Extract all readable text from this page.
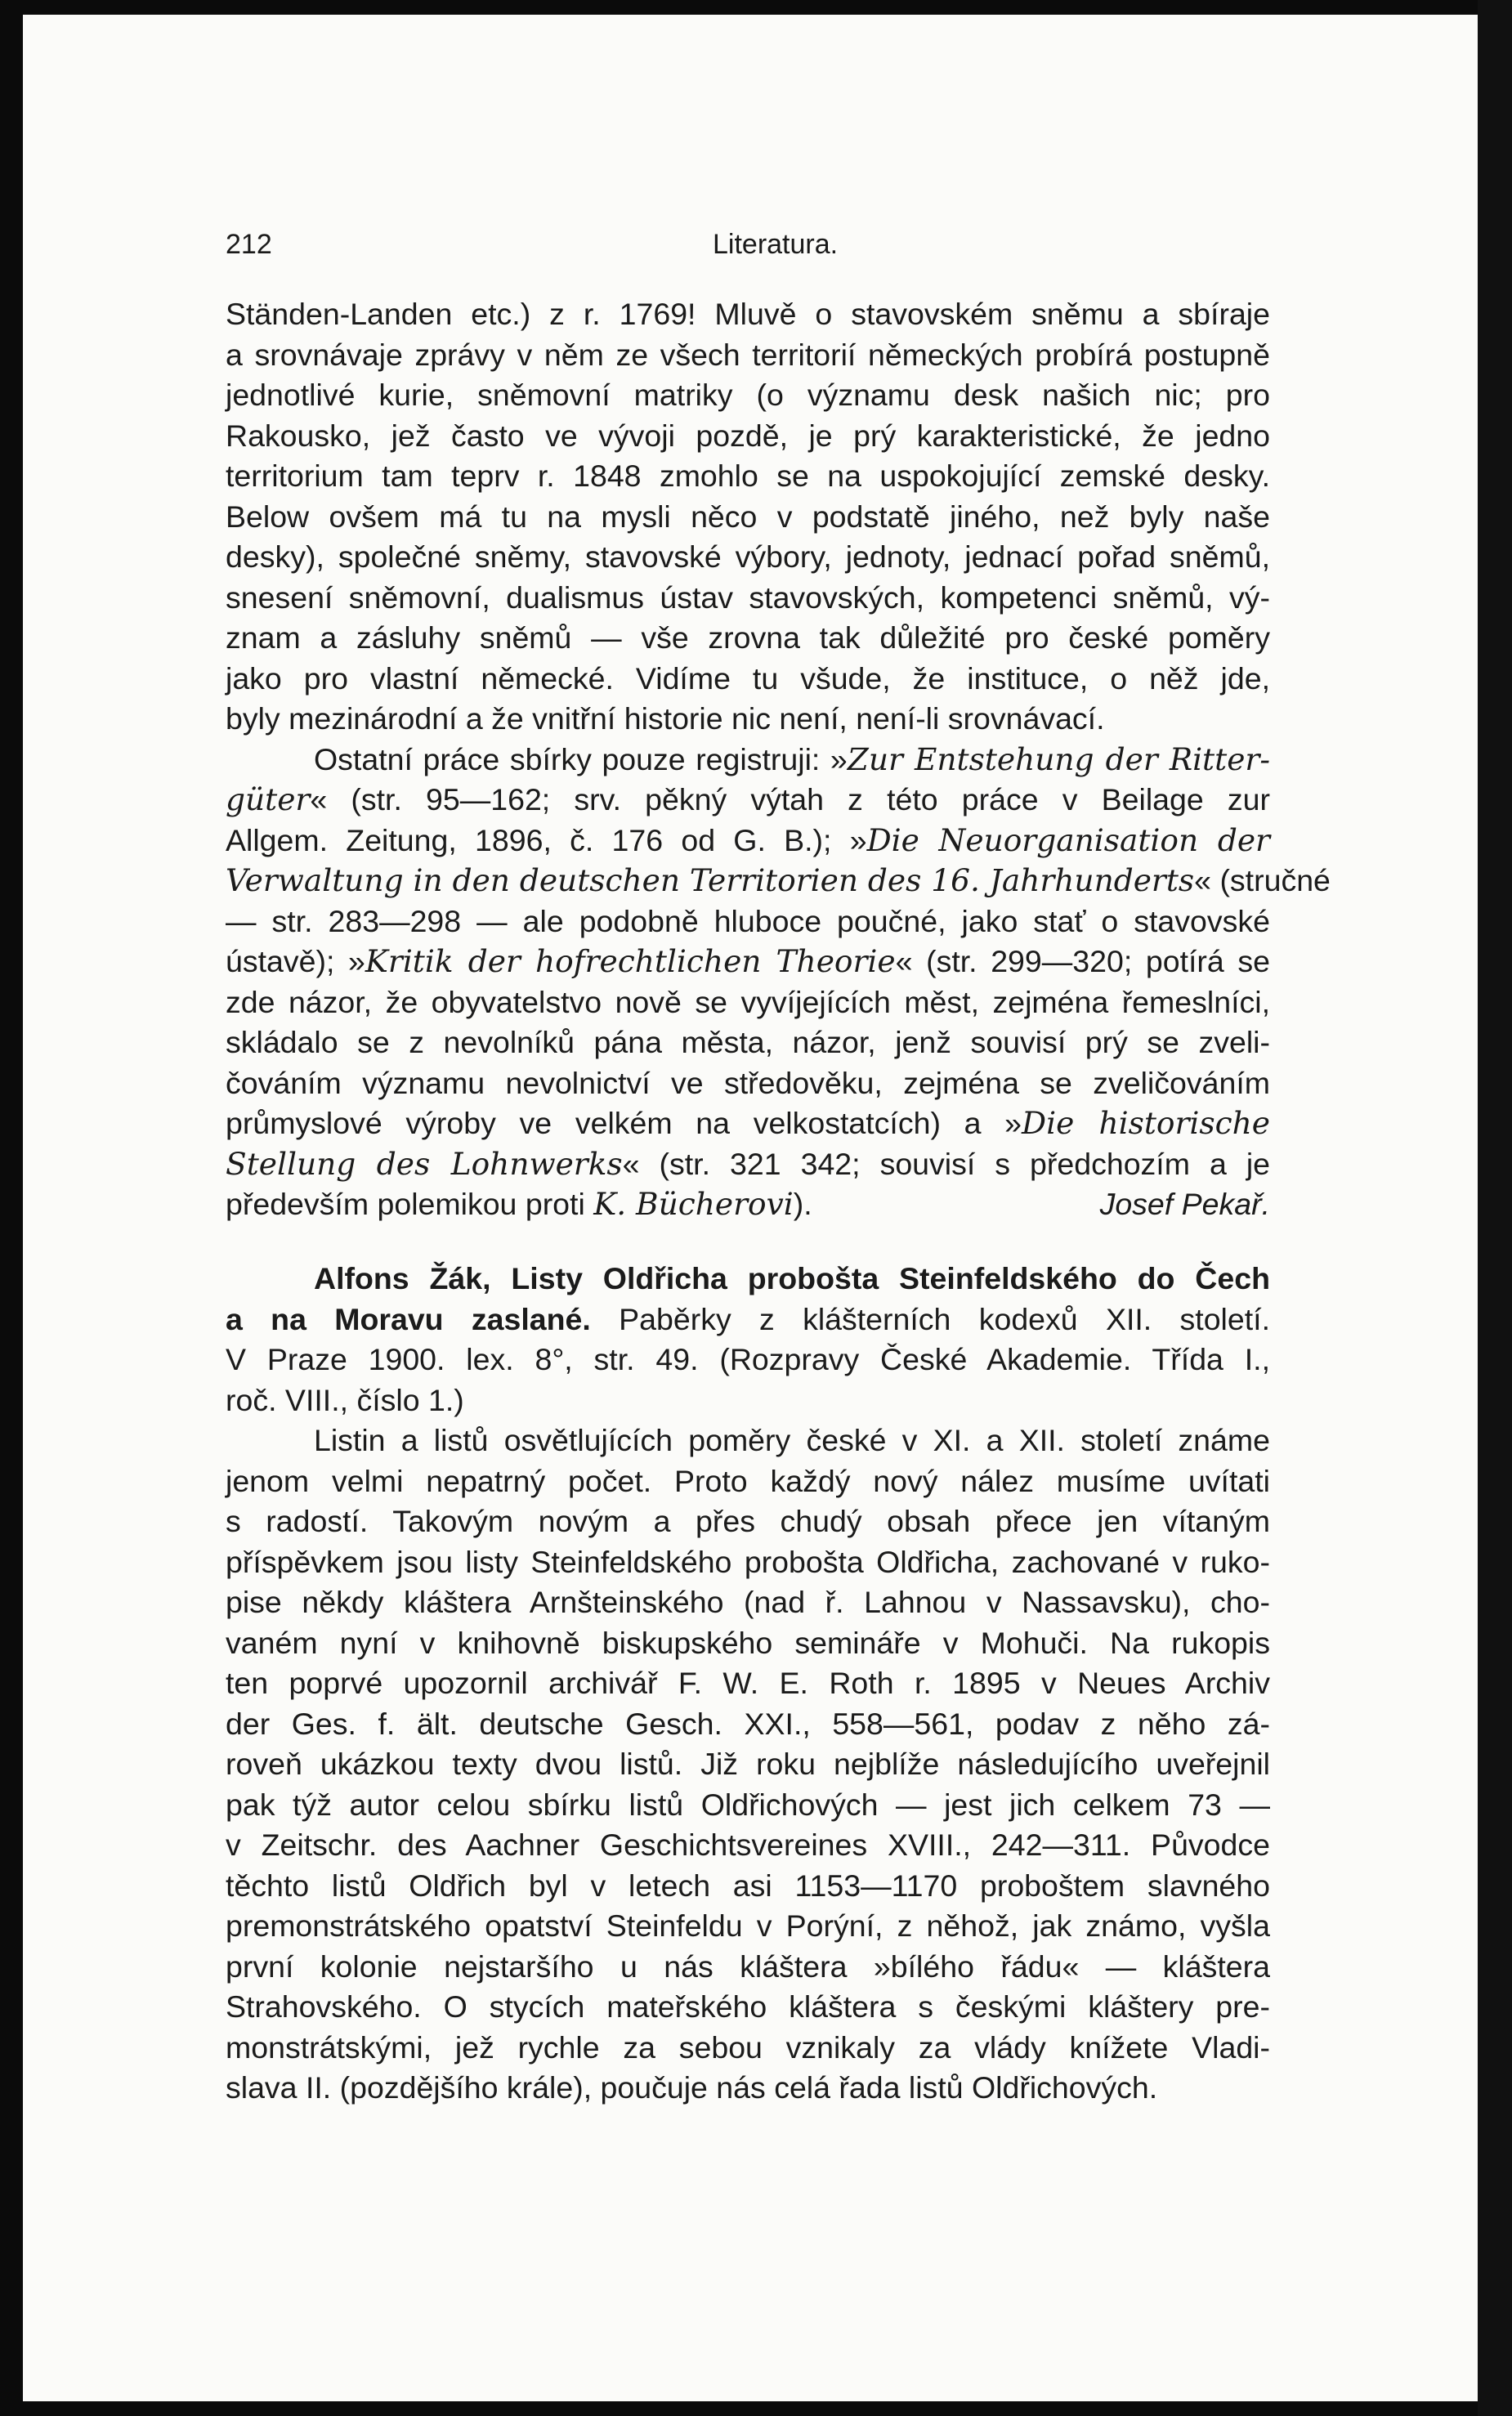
212	Literatura.
Ständen-Landen etc.) z r. 1769! Mluvě o stavovském sněmu a sbíraje
a srovnávaje zprávy v něm ze všech territorií německých probírá postupně
jednotlivé kurie, sněmovní matriky (o významu desk našich nic; pro
Rakousko, jež často ve vývoji pozdě, je prý karakteristické, že jedno
territorium tam teprv r. 1848 zmohlo se na uspokojující zemské desky.
Below ovšem má tu na mysli něco v podstatě jiného, než byly naše
desky), společné sněmy, stavovské výbory, jednoty, jednací pořad sněmů,
snesení sněmovní, dualismus ústav stavovských, kompetenci sněmů, vý-
znam a zásluhy sněmů — vše zrovna tak důležité pro české poměry
jako pro vlastní německé. Vidíme tu všude, že instituce, o něž jde,
byly mezinárodní a že vnitřní historie nic není, není-li srovnávací.
Ostatní práce sbírky pouze registruji: »Zur Entstehung der Ritter-
güter« (str. 95—162; srv. pěkný výtah z této práce v Beilage zur
Allgem. Zeitung, 1896, č. 176 od G. B.); »Die Neuorganisation der
Verwaltung in den deutschen Territorien des 16. Jahrhunderts« (stručné
— str. 283—298 — ale podobně hluboce poučné, jako stať o stavovské
ústavě); »Kritik der hofrechtlichen Theorie« (str. 299—320; potírá se
zde názor, že obyvatelstvo nově se vyvíjejících měst, zejména řemeslníci,
skládalo se z nevolníků pána města, názor, jenž souvisí prý se zveli-
čováním významu nevolnictví ve středověku, zejména se zveličováním
průmyslové výroby ve velkém na velkostatcích) a »Die historische
Stellung des Lohnwerks« (str. 321 342; souvisí s předchozím a je
především polemikou proti K. Bücherovi).	Josef Pekař.
Alfons Žák, Listy Oldřicha probošta Steinfeldského do Čech
a na Moravu zaslané. Paběrky z klášterních kodexů XII. století.
V Praze 1900. lex. 8°, str. 49. (Rozpravy České Akademie. Třída I.,
roč. VIII., číslo 1.)
Listin a listů osvětlujících poměry české v XI. a XII. století známe
jenom velmi nepatrný počet. Proto každý nový nález musíme uvítati
s radostí. Takovým novým a přes chudý obsah přece jen vítaným
příspěvkem jsou listy Steinfeldského probošta Oldřicha, zachované v ruko-
pise někdy kláštera Arnšteinského (nad ř. Lahnou v Nassavsku), cho-
vaném nyní v knihovně biskupského semináře v Mohuči. Na rukopis
ten poprvé upozornil archivář F. W. E. Roth r. 1895 v Neues Archiv
der Ges. f. ält. deutsche Gesch. XXI., 558—561, podav z něho zá-
roveň ukázkou texty dvou listů. Již roku nejblíže následujícího uveřejnil
pak týž autor celou sbírku listů Oldřichových — jest jich celkem 73 —
v Zeitschr. des Aachner Geschichtsvereines XVIII., 242—311. Původce
těchto listů Oldřich byl v letech asi 1153—1170 proboštem slavného
premonstrátského opatství Steinfeldu v Porýní, z něhož, jak známo, vyšla
první kolonie nejstaršího u nás kláštera »bílého řádu« — kláštera
Strahovského. O stycích mateřského kláštera s českými kláštery pre-
monstrátskými, jež rychle za sebou vznikaly za vlády knížete Vladi-
slava II. (pozdějšího krále), poučuje nás celá řada listů Oldřichových.
